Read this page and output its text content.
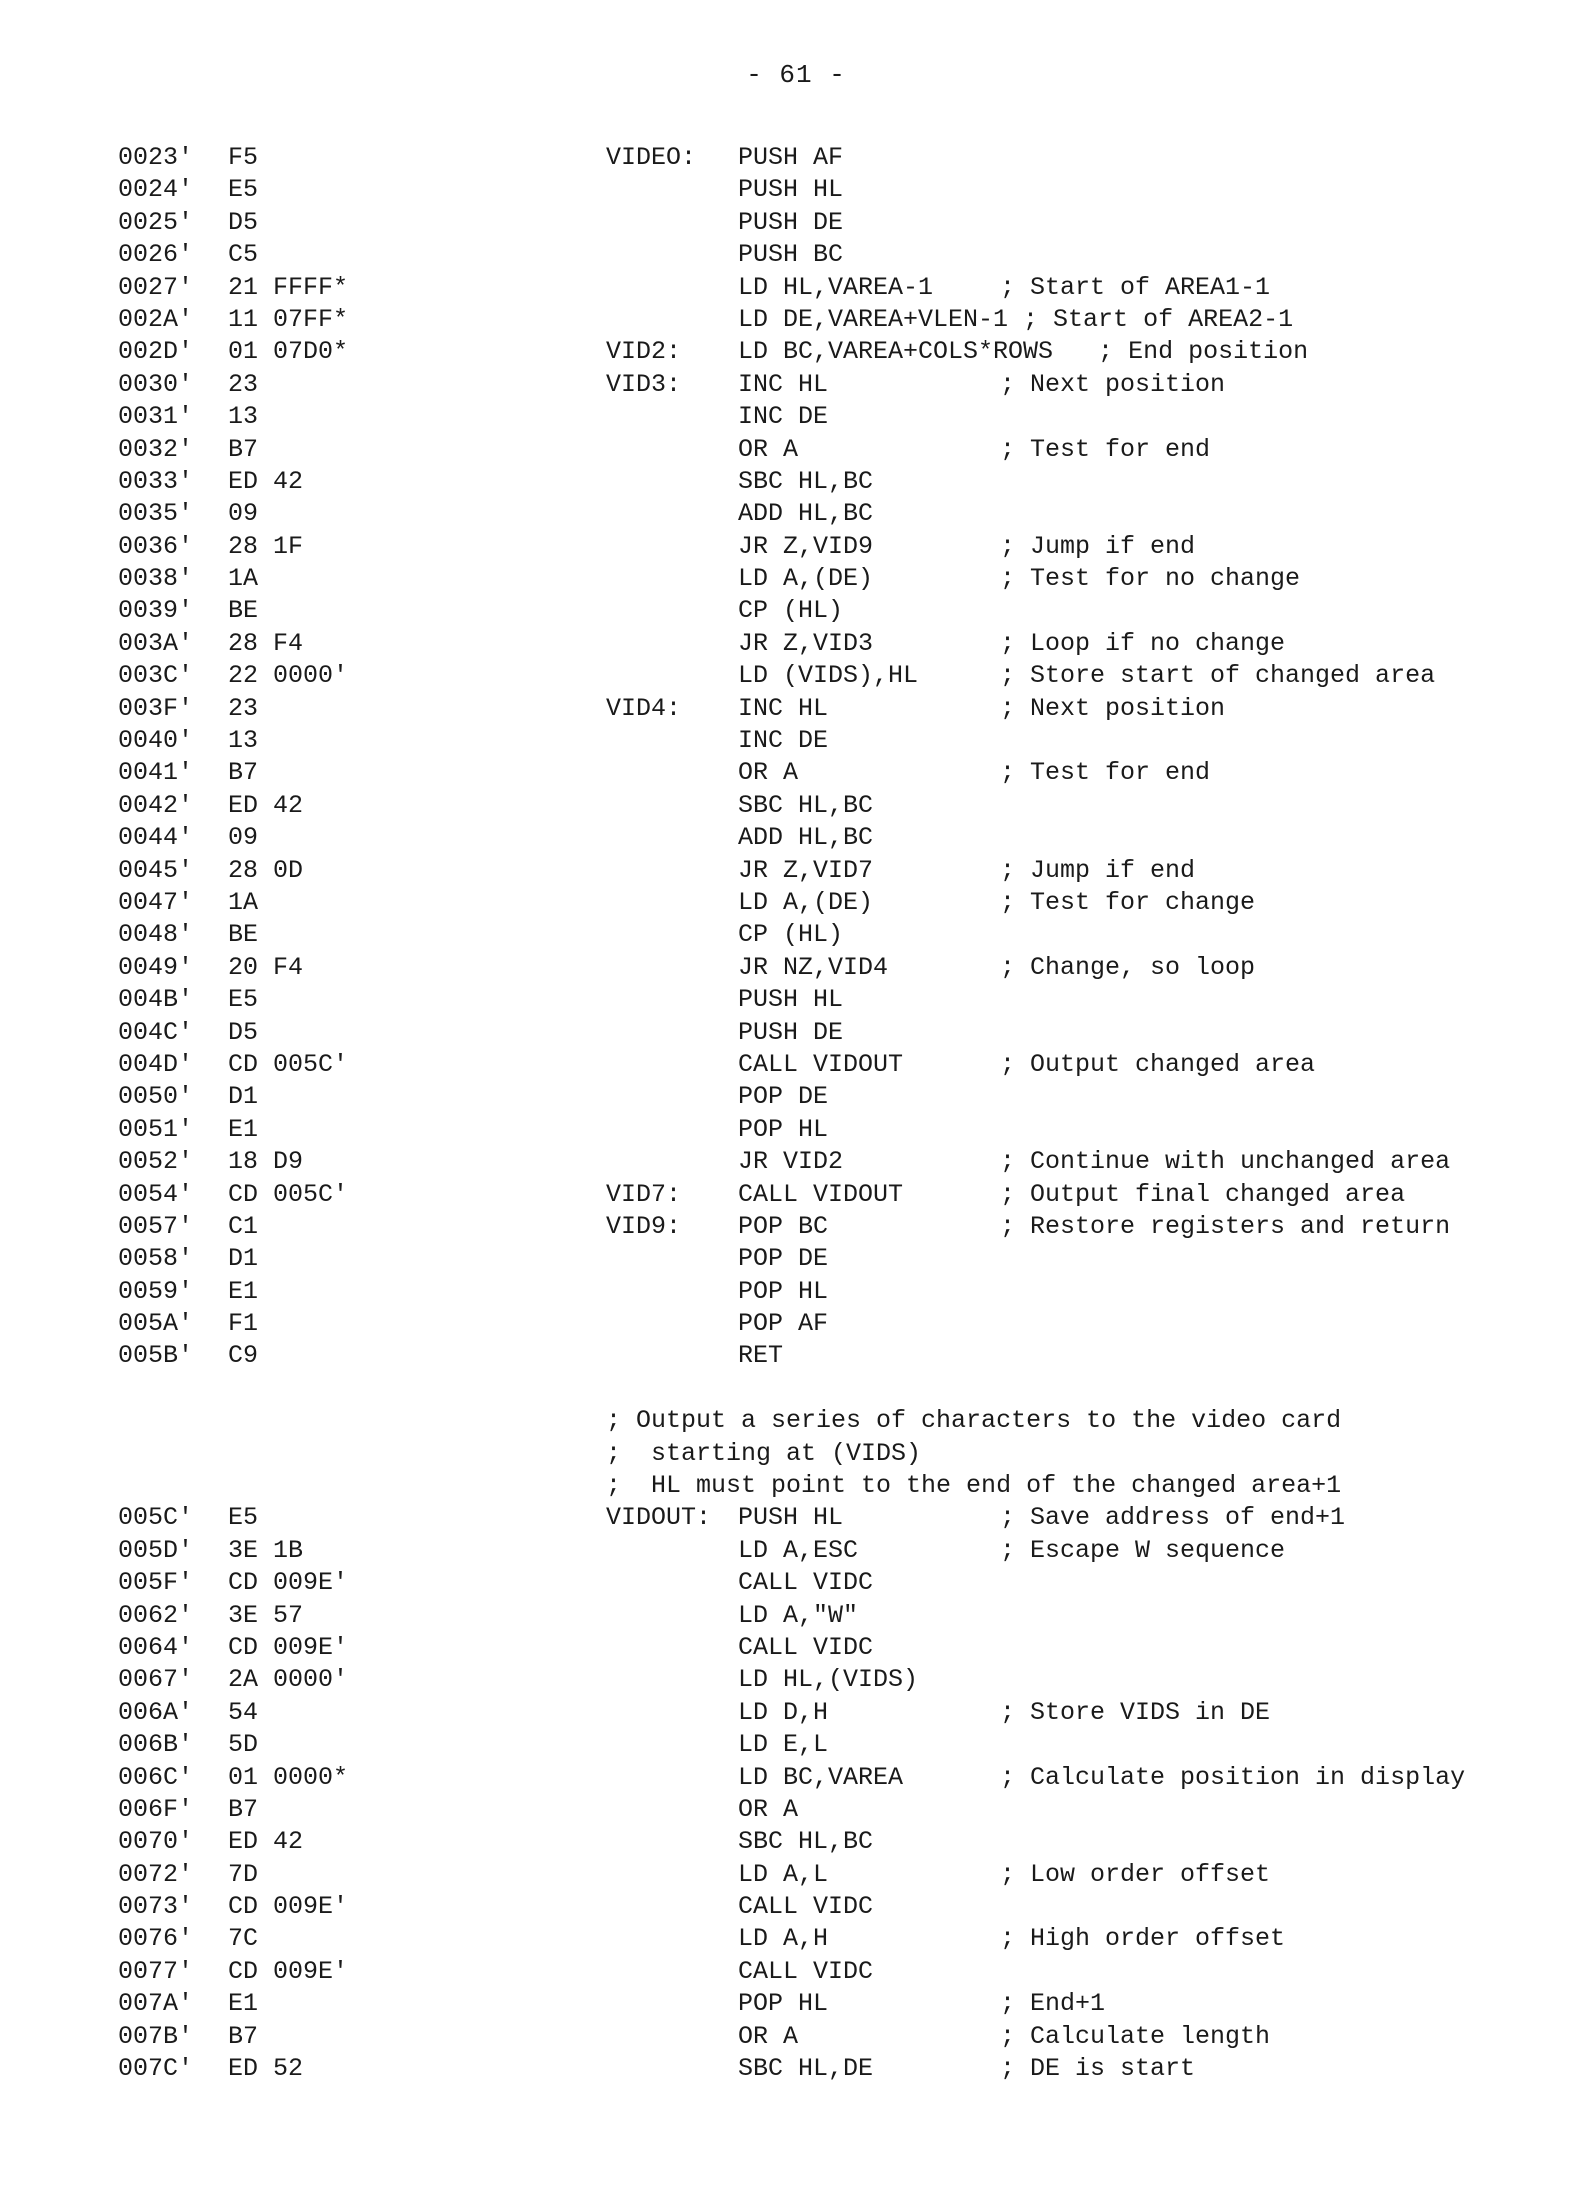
- 61 -
0023' F5	VIDEO: PUSH AF
0024' E5	PUSH HL
0025' D5	PUSH DE
0026' C5	PUSH BC
0027' 21 FFFF*	LD HL,VAREA-1	; Start of AREA1-1
002A' 11 07FF*	LD DE,VAREA+VLEN-1 ; Start of AREA2-1
002D' 01 07D0*	VID2: LD BC,VAREA+COLS*ROWS   ; End position
0030' 23	VID3: INC HL	; Next position
0031' 13	INC DE
0032' B7	OR A	; Test for end
0033' ED 42	SBC HL,BC
0035' 09	ADD HL,BC
0036' 28 1F	JR Z,VID9	; Jump if end
0038' 1A	LD A,(DE)	; Test for no change
0039' BE	CP (HL)
003A' 28 F4	JR Z,VID3	; Loop if no change
003C' 22 0000'	LD (VIDS),HL	; Store start of changed area
003F' 23	VID4: INC HL	; Next position
0040' 13	INC DE
0041' B7	OR A	; Test for end
0042' ED 42	SBC HL,BC
0044' 09	ADD HL,BC
0045' 28 0D	JR Z,VID7	; Jump if end
0047' 1A	LD A,(DE)	; Test for change
0048' BE	CP (HL)
0049' 20 F4	JR NZ,VID4	; Change, so loop
004B' E5	PUSH HL
004C' D5	PUSH DE
004D' CD 005C'	CALL VIDOUT	; Output changed area
0050' D1	POP DE
0051' E1	POP HL
0052' 18 D9	JR VID2	; Continue with unchanged area
0054' CD 005C'	VID7: CALL VIDOUT	; Output final changed area
0057' C1	VID9: POP BC	; Restore registers and return
0058' D1	POP DE
0059' E1	POP HL
005A' F1	POP AF
005B' C9	RET
; Output a series of characters to the video card
;  starting at (VIDS)
;  HL must point to the end of the changed area+1
005C' E5	VIDOUT: PUSH HL	; Save address of end+1
005D' 3E 1B	LD A,ESC	; Escape W sequence
005F' CD 009E'	CALL VIDC
0062' 3E 57	LD A,"W"
0064' CD 009E'	CALL VIDC
0067' 2A 0000'	LD HL,(VIDS)
006A' 54	LD D,H	; Store VIDS in DE
006B' 5D	LD E,L
006C' 01 0000*	LD BC,VAREA	; Calculate position in display
006F' B7	OR A
0070' ED 42	SBC HL,BC
0072' 7D	LD A,L	; Low order offset
0073' CD 009E'	CALL VIDC
0076' 7C	LD A,H	; High order offset
0077' CD 009E'	CALL VIDC
007A' E1	POP HL	; End+1
007B' B7	OR A	; Calculate length
007C' ED 52	SBC HL,DE	; DE is start
